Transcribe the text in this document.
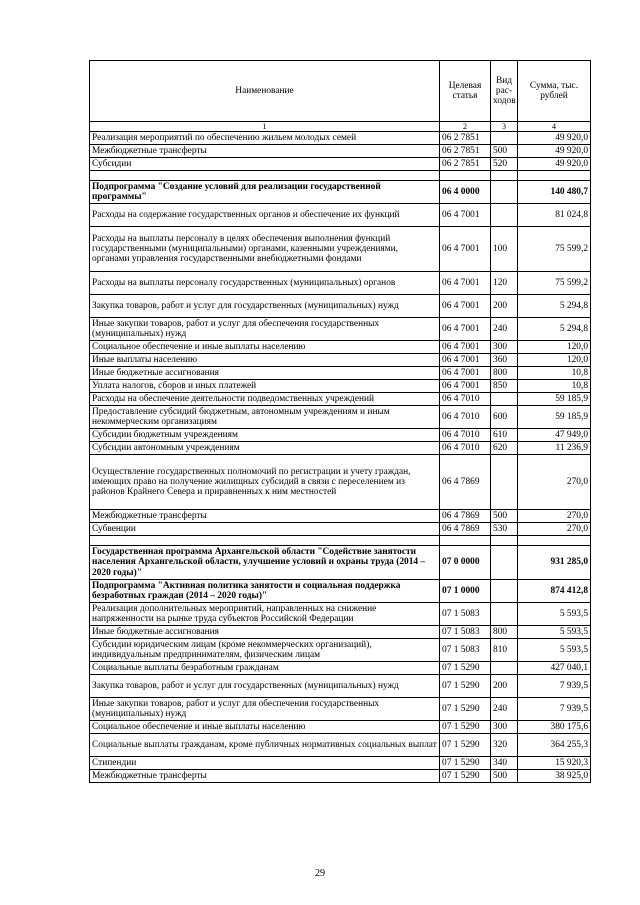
Наименование	Целевая статья	Вид рас-ходов	Сумма, тыс. рублей
1	2	3	4
Реализация мероприятий по обеспечению жильем молодых семей	06 2 7851		49 920,0
Межбюджетные трансферты	06 2 7851	500	49 920,0
Субсидии	06 2 7851	520	49 920,0

Подпрограмма "Создание условий для реализации государственной программы"	06 4 0000		140 480,7
Расходы на содержание государственных органов и обеспечение их функций	06 4 7001		81 024,8
Расходы на выплаты персоналу в целях обеспечения выполнения функций государственными (муниципальными) органами, казенными учреждениями, органами управления государственными внебюджетными фондами	06 4 7001	100	75 599,2
Расходы на выплаты персоналу государственных (муниципальных) органов	06 4 7001	120	75 599,2
Закупка товаров, работ и услуг для государственных (муниципальных) нужд	06 4 7001	200	5 294,8
Иные закупки товаров, работ и услуг для обеспечения государственных (муниципальных) нужд	06 4 7001	240	5 294,8
Социальное обеспечение и иные выплаты населению	06 4 7001	300	120,0
Иные выплаты населению	06 4 7001	360	120,0
Иные бюджетные ассигнования	06 4 7001	800	10,8
Уплата налогов, сборов и иных платежей	06 4 7001	850	10,8
Расходы на обеспечение деятельности подведомственных учреждений	06 4 7010		59 185,9
Предоставление субсидий бюджетным, автономным учреждениям и иным некоммерческим организациям	06 4 7010	600	59 185,9
Субсидии бюджетным учреждениям	06 4 7010	610	47 949,0
Субсидии автономным учреждениям	06 4 7010	620	11 236,9
Осуществление государственных полномочий по регистрации и учету граждан, имеющих право на получение жилищных субсидий в связи с переселением из районов Крайнего Севера и приравненных к ним местностей	06 4 7869		270,0
Межбюджетные трансферты	06 4 7869	500	270,0
Субвенции	06 4 7869	530	270,0

Государственная программа Архангельской области "Содействие занятости населения Архангельской области, улучшение условий и охраны труда (2014 – 2020 годы)"	07 0 0000		931 285,0
Подпрограмма "Активная политика занятости и социальная поддержка безработных граждан (2014 – 2020 годы)"	07 1 0000		874 412,8
Реализация дополнительных мероприятий, направленных на снижение напряженности на рынке труда субъектов Российской Федерации	07 1 5083		5 593,5
Иные бюджетные ассигнования	07 1 5083	800	5 593,5
Субсидии юридическим лицам (кроме некоммерческих организаций), индивидуальным предпринимателям, физическим лицам	07 1 5083	810	5 593,5
Социальные выплаты безработным гражданам	07 1 5290		427 040,1
Закупка товаров, работ и услуг для государственных (муниципальных) нужд	07 1 5290	200	7 939,5
Иные закупки товаров, работ и услуг для обеспечения государственных (муниципальных) нужд	07 1 5290	240	7 939,5
Социальное обеспечение и иные выплаты населению	07 1 5290	300	380 175,6
Социальные выплаты гражданам, кроме публичных нормативных социальных выплат	07 1 5290	320	364 255,3
Стипендии	07 1 5290	340	15 920,3
Межбюджетные трансферты	07 1 5290	500	38 925,0
29
